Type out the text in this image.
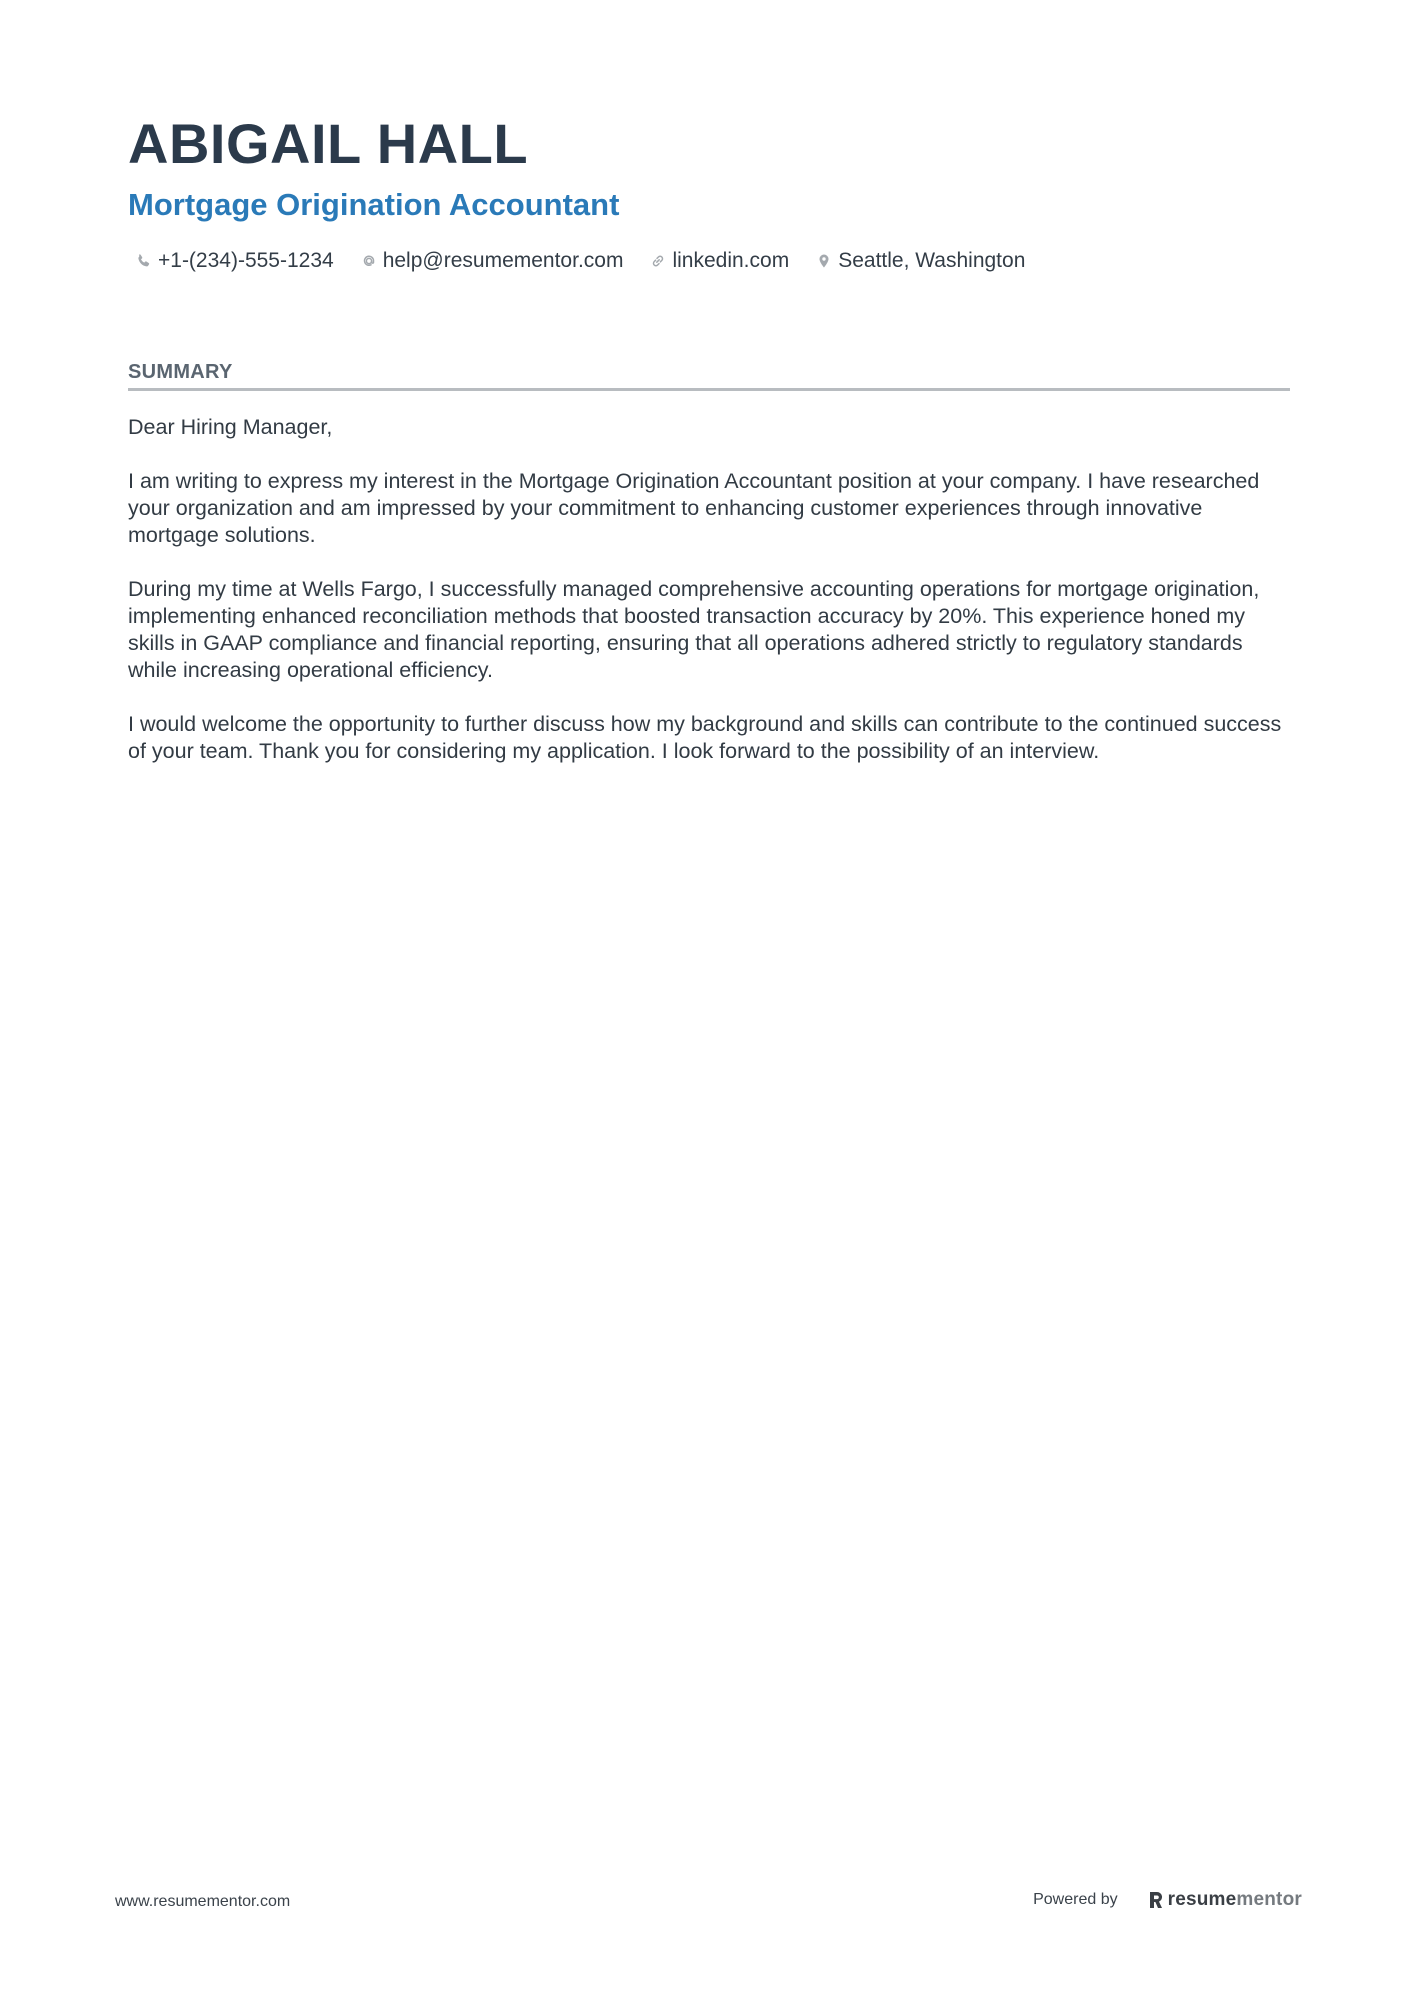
ABIGAIL HALL
Mortgage Origination Accountant
+1-(234)-555-1234 help@resumementor.com linkedin.com Seattle, Washington
SUMMARY

Dear Hiring Manager,

I am writing to express my interest in the Mortgage Origination Accountant position at your company. I have researched your organization and am impressed by your commitment to enhancing customer experiences through innovative mortgage solutions.

During my time at Wells Fargo, I successfully managed comprehensive accounting operations for mortgage origination, implementing enhanced reconciliation methods that boosted transaction accuracy by 20%. This experience honed my skills in GAAP compliance and financial reporting, ensuring that all operations adhered strictly to regulatory standards while increasing operational efficiency.

I would welcome the opportunity to further discuss how my background and skills can contribute to the continued success of your team. Thank you for considering my application. I look forward to the possibility of an interview.

www.resumementor.com	Powered by	resume mentor
